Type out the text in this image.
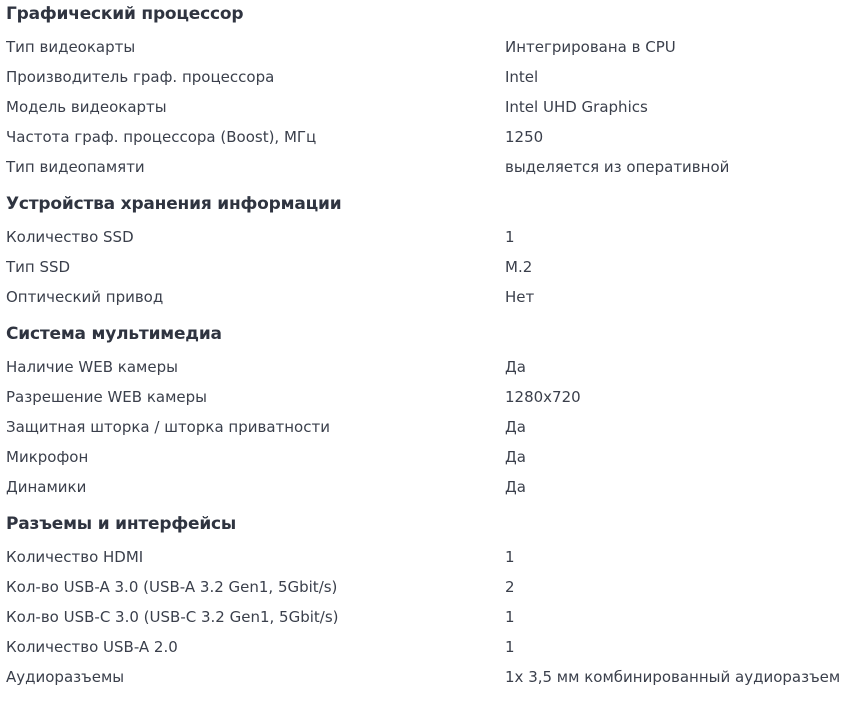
Графический процессор
Тип видеокарты	Интегрирована в CPU
Производитель граф. процессора	Intel
Модель видеокарты	Intel UHD Graphics
Частота граф. процессора (Boost), МГц	1250
Тип видеопамяти	выделяется из оперативной
Устройства хранения информации
Количество SSD	1
Тип SSD	M.2
Оптический привод	Нет
Система мультимедиа
Наличие WEB камеры	Да
Разрешение WEB камеры	1280x720
Защитная шторка / шторка приватности	Да
Микрофон	Да
Динамики	Да
Разъемы и интерфейсы
Количество HDMI	1
Кол-во USB-A 3.0 (USB-A 3.2 Gen1, 5Gbit/s)	2
Кол-во USB-C 3.0 (USB-C 3.2 Gen1, 5Gbit/s)	1
Количество USB-A 2.0	1
Аудиоразъемы	1x 3,5 мм комбинированный аудиоразъем
